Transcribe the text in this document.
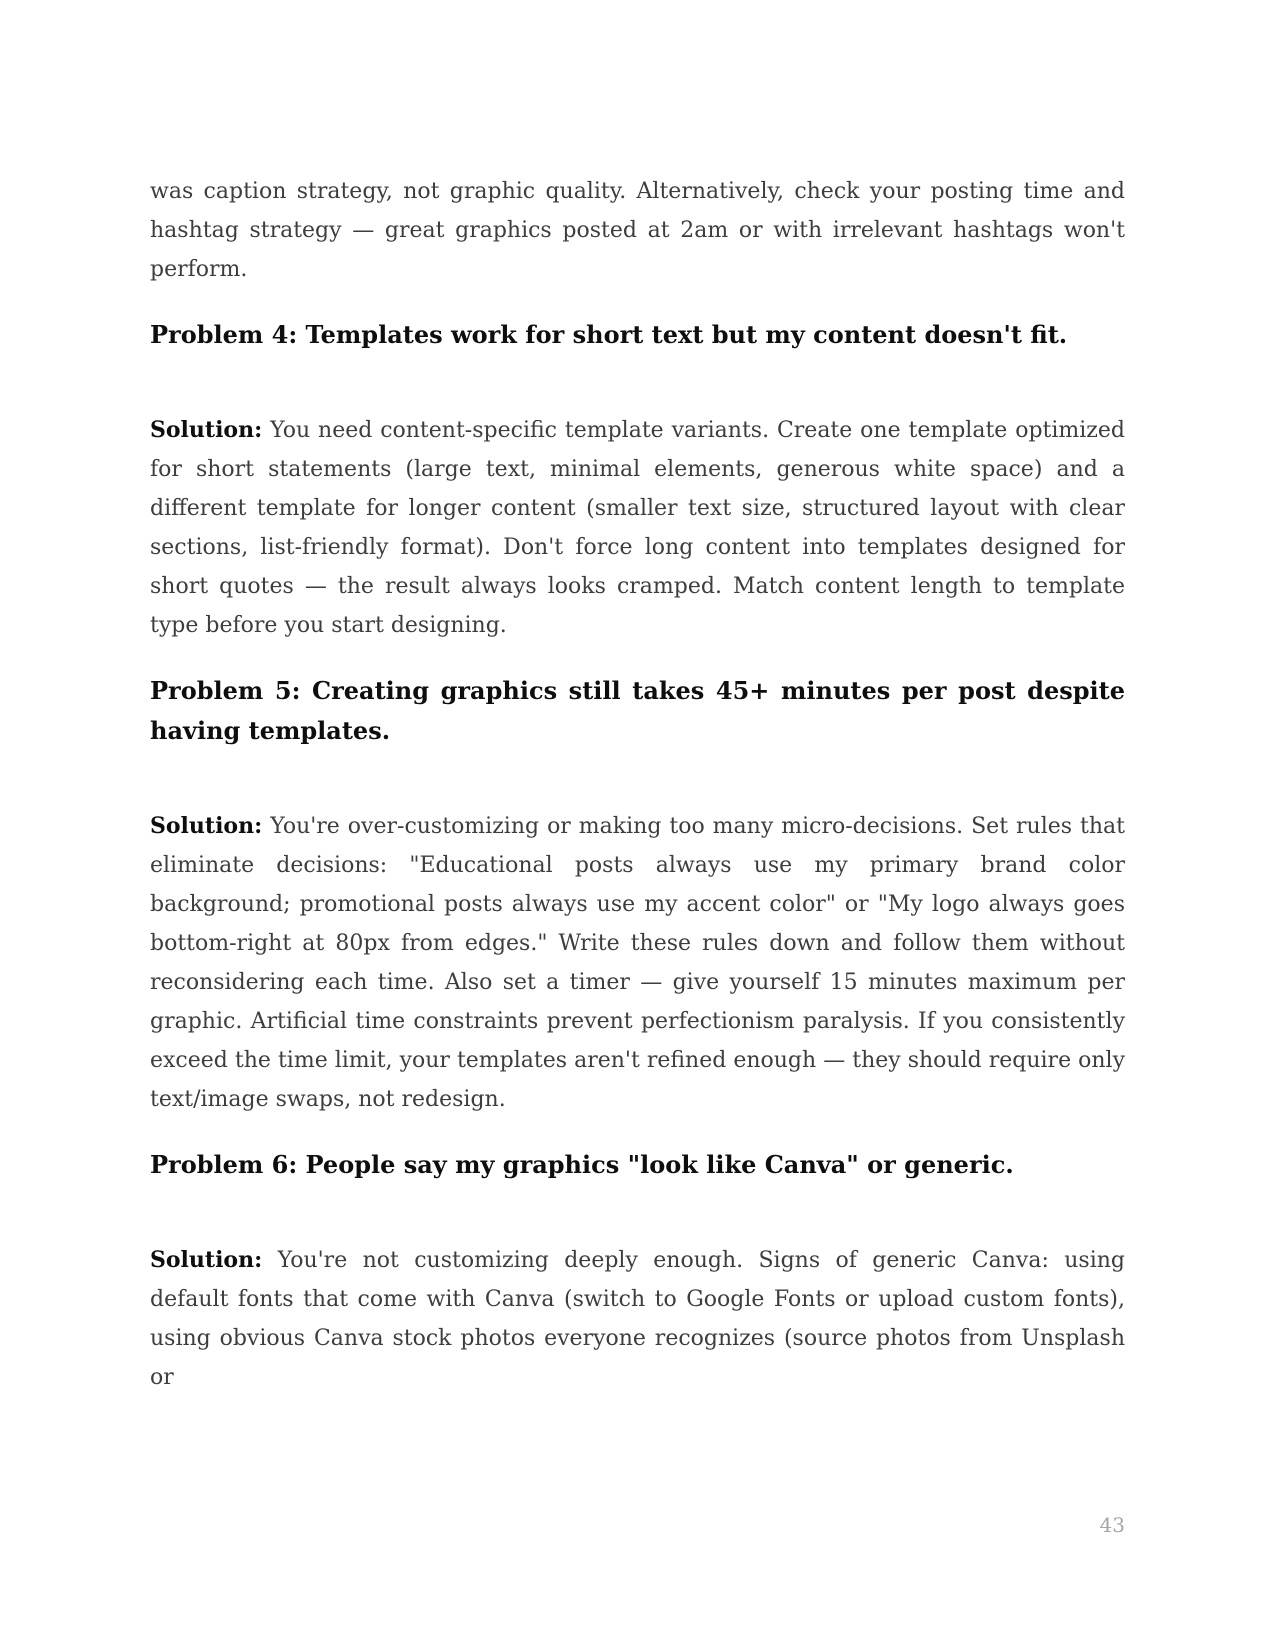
was caption strategy, not graphic quality. Alternatively, check your posting time and hashtag strategy — great graphics posted at 2am or with irrelevant hashtags won't perform.

Problem 4: Templates work for short text but my content doesn't fit.

Solution: You need content-specific template variants. Create one template optimized for short statements (large text, minimal elements, generous white space) and a different template for longer content (smaller text size, structured layout with clear sections, list-friendly format). Don't force long content into templates designed for short quotes — the result always looks cramped. Match content length to template type before you start designing.

Problem 5: Creating graphics still takes 45+ minutes per post despite having templates.

Solution: You're over-customizing or making too many micro-decisions. Set rules that eliminate decisions: "Educational posts always use my primary brand color background; promotional posts always use my accent color" or "My logo always goes bottom-right at 80px from edges." Write these rules down and follow them without reconsidering each time. Also set a timer — give yourself 15 minutes maximum per graphic. Artificial time constraints prevent perfectionism paralysis. If you consistently exceed the time limit, your templates aren't refined enough — they should require only text/image swaps, not redesign.

Problem 6: People say my graphics "look like Canva" or generic.

Solution: You're not customizing deeply enough. Signs of generic Canva: using default fonts that come with Canva (switch to Google Fonts or upload custom fonts), using obvious Canva stock photos everyone recognizes (source photos from Unsplash or

43
